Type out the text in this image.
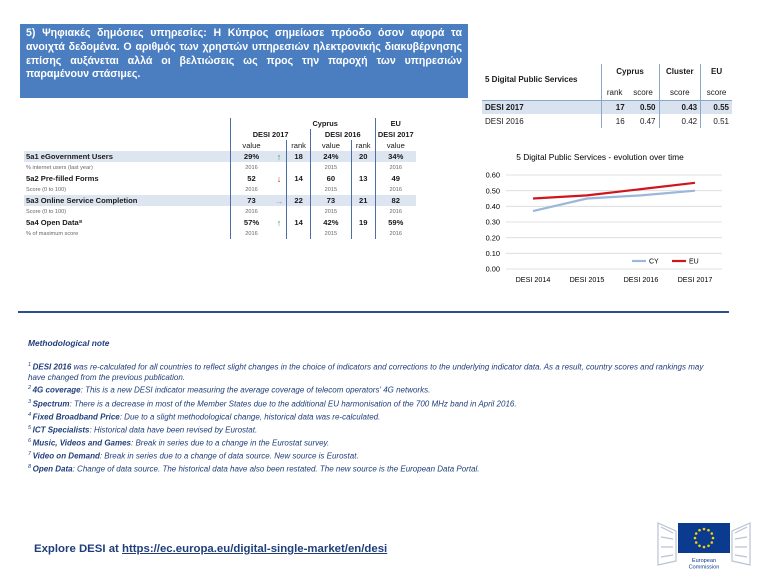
5) Ψηφιακές δημόσιες υπηρεσίες: Η Κύπρος σημείωσε πρόοδο όσον αφορά τα ανοιχτά δεδομένα. Ο αριθμός των χρηστών υπηρεσιών ηλεκτρονικής διακυβέρνησης επίσης αυξάνεται αλλά οι βελτιώσεις ως προς την παροχή των υπηρεσιών παραμένουν στάσιμες.	5 Digital Public Services	Cyprus		Cluster	EU
	rank	score	score	score
DESI 2017	17	0.50	0.43	0.55
DESI 2016	16	0.47	0.42	0.51
				Cyprus		EU
	DESI 2017			DESI 2016		DESI 2017
	value		rank	value	rank	value
5a1 eGovernment Users	29%	↑	18	24%	20	34%
% internet users (last year)	2016			2015		2016
5a2 Pre-filled Forms	52	↓	14	60	13	49
Score (0 to 100)	2016			2015		2016
5a3 Online Service Completion	73	→	22	73	21	82
Score (0 to 100)	2016			2015		2016
5a4 Open Data⁸	57%	↑	14	42%	19	59%
% of maximum score	2016			2015		2016
5 Digital Public Services - evolution over time
0.00
0.10
0.20
0.30
0.40
0.50
0.60
DESI 2014	DESI 2015	DESI 2016	DESI 2017
CY	EU
Methodological note
$^1$ DESI 2016 was re-calculated for all countries to reflect slight changes in the choice of indicators and corrections to the underlying indicator data. As a result, country scores and rankings may have changed from the previous publication.
$^2$ 4G coverage: This is a new DESI indicator measuring the average coverage of telecom operators' 4G networks.
$^3$ Spectrum: There is a decrease in most of the Member States due to the additional EU harmonisation of the 700 MHz band in April 2016.
$^4$ Fixed Broadband Price: Due to a slight methodological change, historical data was re-calculated.
$^5$ ICT Specialists: Historical data have been revised by Eurostat.
$^6$ Music, Videos and Games: Break in series due to a change in the Eurostat survey.
$^7$ Video on Demand: Break in series due to a change of data source. New source is Eurostat.
$^8$ Open Data: Change of data source. The historical data have also been restated. The new source is the European Data Portal.
Explore DESI at https://ec.europa.eu/digital-single-market/en/desi
European
Commission
